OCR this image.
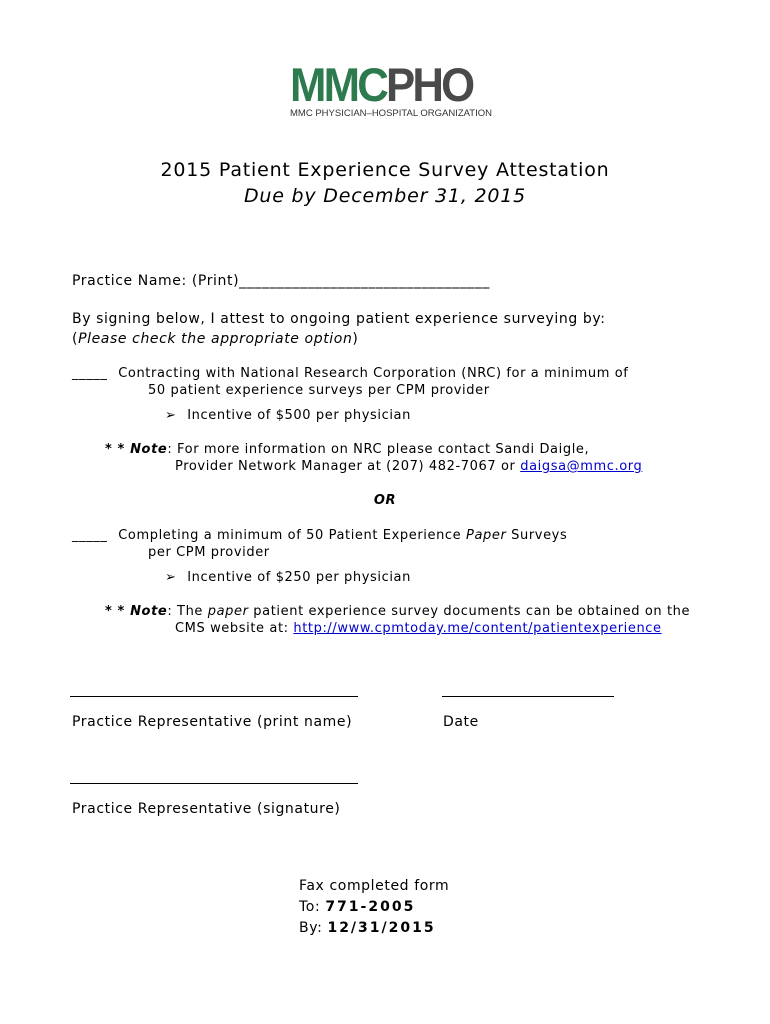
MMCPHO
MMC PHYSICIAN–HOSPITAL ORGANIZATION
2015 Patient Experience Survey Attestation
Due by December 31, 2015
Practice Name: (Print)_________________________________
By signing below, I attest to ongoing patient experience surveying by:
(Please check the appropriate option)
_____ Contracting with National Research Corporation (NRC) for a minimum of
50 patient experience surveys per CPM provider
➢ Incentive of $500 per physician
* * Note: For more information on NRC please contact Sandi Daigle,
Provider Network Manager at (207) 482-7067 or daigsa@mmc.org
OR
_____ Completing a minimum of 50 Patient Experience Paper Surveys
per CPM provider
➢ Incentive of $250 per physician
* * Note: The paper patient experience survey documents can be obtained on the
CMS website at: http://www.cpmtoday.me/content/patientexperience
Practice Representative (print name)	Date
Practice Representative (signature)
Fax completed form
To: 771-2005
By: 12/31/2015
